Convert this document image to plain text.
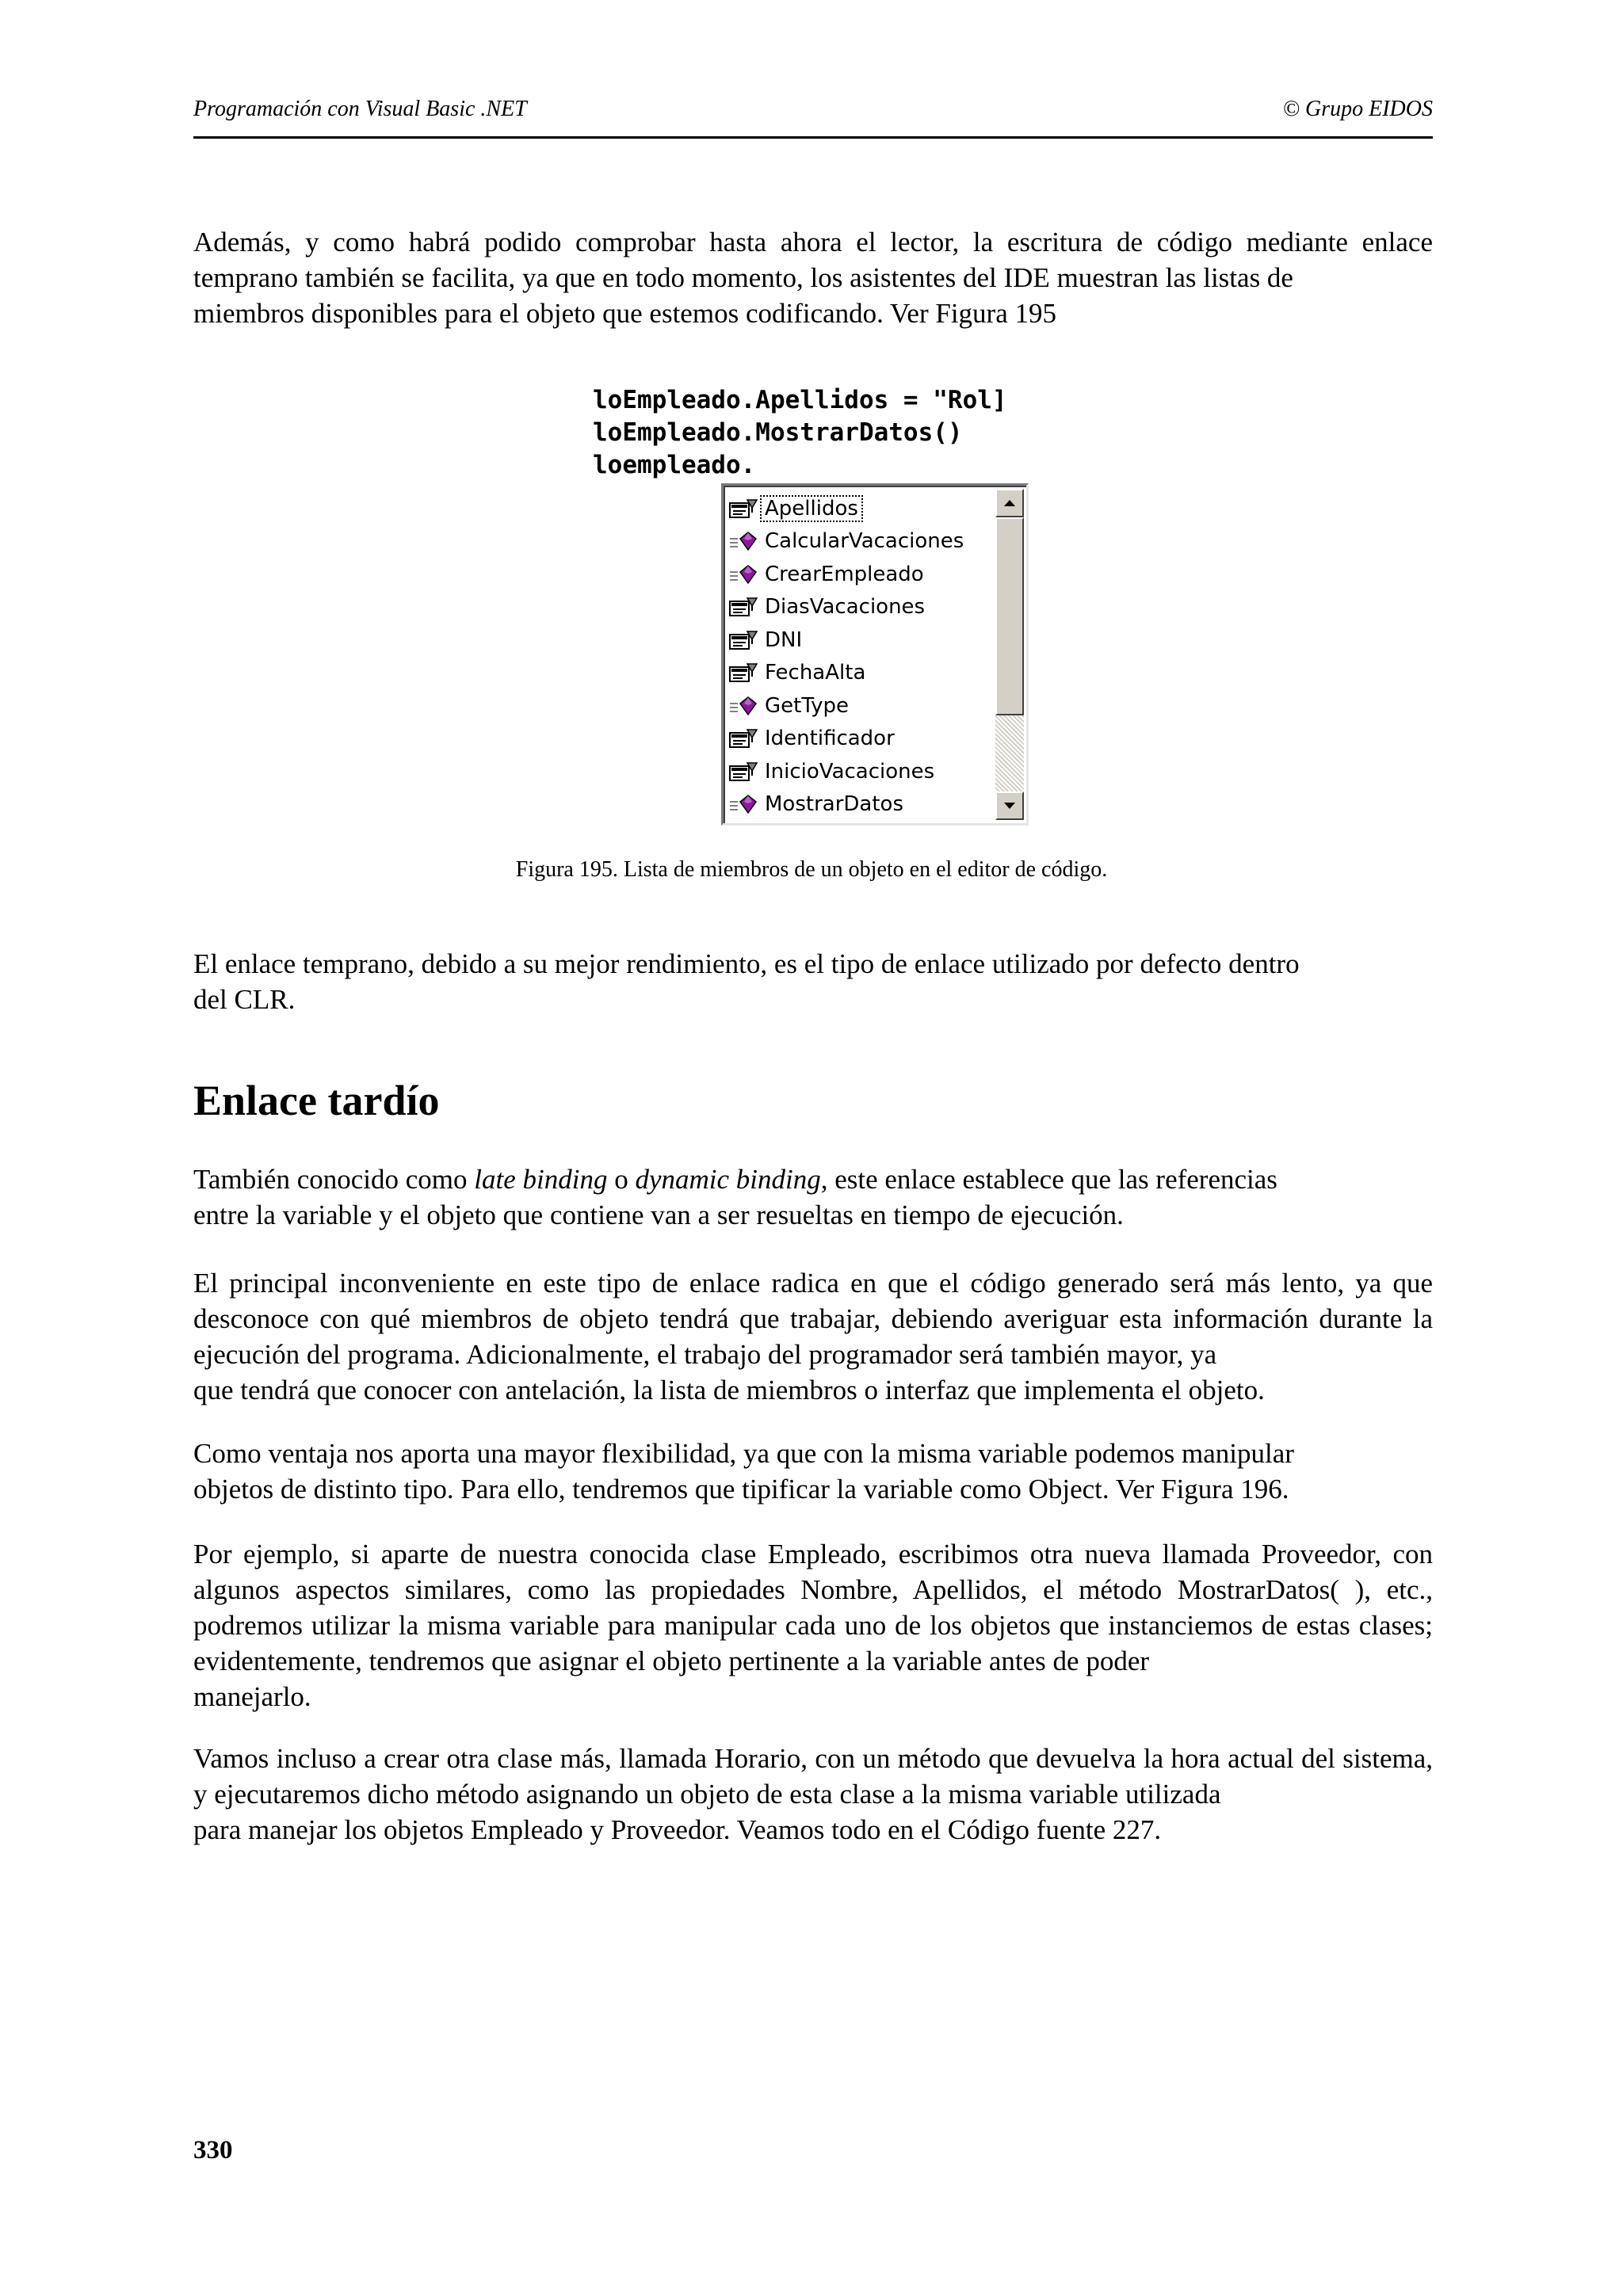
Programación con Visual Basic .NET	© Grupo EIDOS

Además, y como habrá podido comprobar hasta ahora el lector, la escritura de código mediante enlace temprano también se facilita, ya que en todo momento, los asistentes del IDE muestran las listas de
miembros disponibles para el objeto que estemos codificando. Ver Figura 195

loEmpleado.Apellidos = "Rol]
loEmpleado.MostrarDatos()
loempleado.
Apellidos
CalcularVacaciones
CrearEmpleado
DiasVacaciones
DNI
FechaAlta
GetType
Identificador
InicioVacaciones
MostrarDatos
Figura 195. Lista de miembros de un objeto en el editor de código.

El enlace temprano, debido a su mejor rendimiento, es el tipo de enlace utilizado por defecto dentro
del CLR.

Enlace tardío

También conocido como late binding o dynamic binding, este enlace establece que las referencias
entre la variable y el objeto que contiene van a ser resueltas en tiempo de ejecución.

El principal inconveniente en este tipo de enlace radica en que el código generado será más lento, ya que desconoce con qué miembros de objeto tendrá que trabajar, debiendo averiguar esta información durante la ejecución del programa. Adicionalmente, el trabajo del programador será también mayor, ya
que tendrá que conocer con antelación, la lista de miembros o interfaz que implementa el objeto.

Como ventaja nos aporta una mayor flexibilidad, ya que con la misma variable podemos manipular
objetos de distinto tipo. Para ello, tendremos que tipificar la variable como Object. Ver Figura 196.

Por ejemplo, si aparte de nuestra conocida clase Empleado, escribimos otra nueva llamada Proveedor, con algunos aspectos similares, como las propiedades Nombre, Apellidos, el método MostrarDatos( ), etc., podremos utilizar la misma variable para manipular cada uno de los objetos que instanciemos de estas clases; evidentemente, tendremos que asignar el objeto pertinente a la variable antes de poder
manejarlo.

Vamos incluso a crear otra clase más, llamada Horario, con un método que devuelva la hora actual del sistema, y ejecutaremos dicho método asignando un objeto de esta clase a la misma variable utilizada
para manejar los objetos Empleado y Proveedor. Veamos todo en el Código fuente 227.

330
